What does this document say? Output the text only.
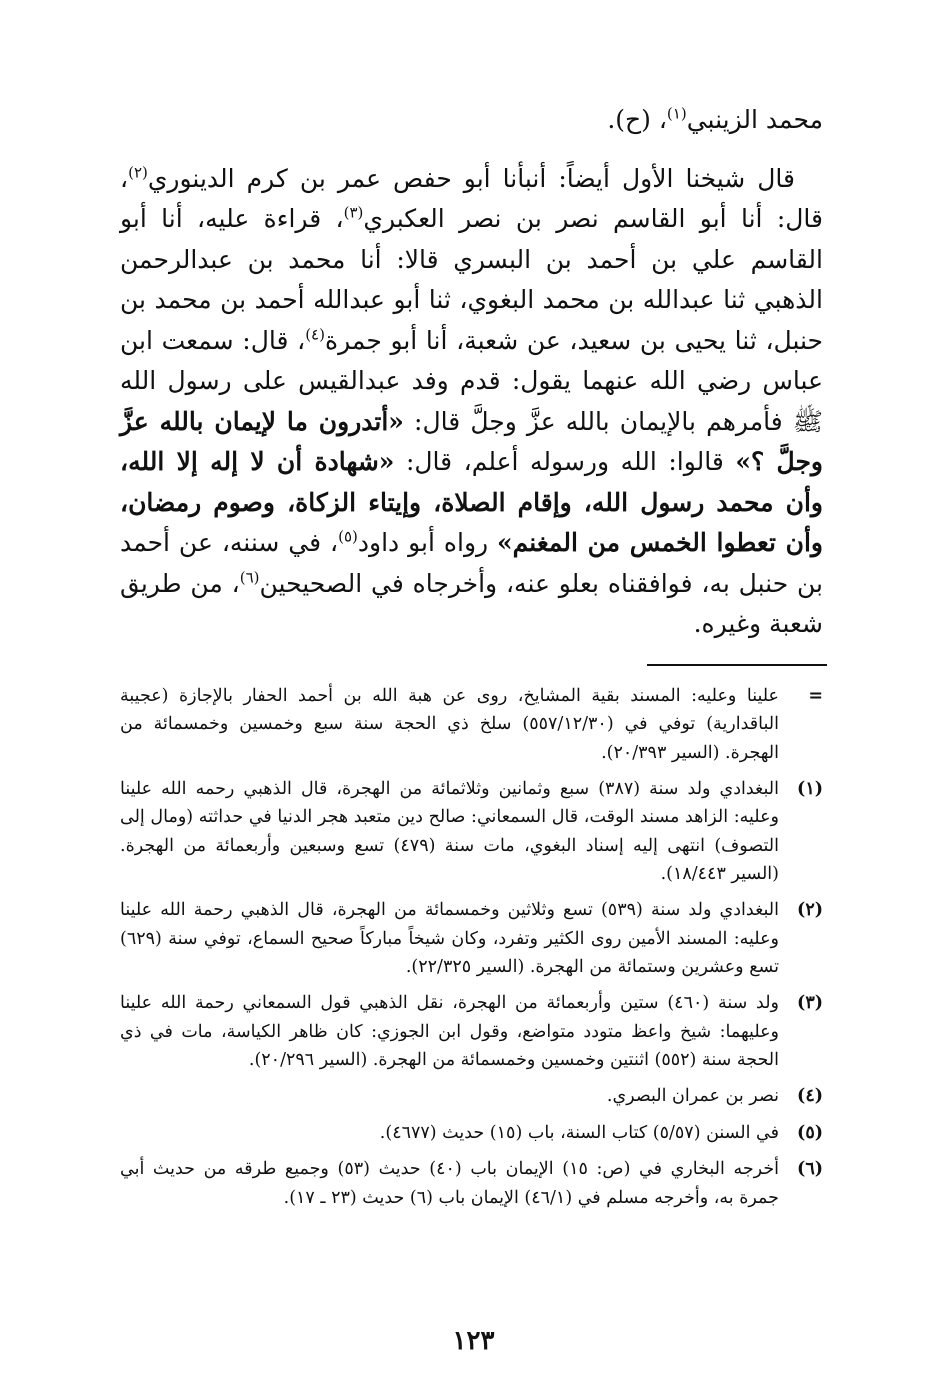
محمد الزينبي$^{(١)}$، (ح).

قال شيخنا الأول أيضاً: أنبأنا أبو حفص عمر بن كرم الدينوري$^{(٢)}$، قال: أنا أبو القاسم نصر بن نصر العكبري$^{(٣)}$، قراءة عليه، أنا أبو القاسم علي بن أحمد بن البسري قالا: أنا محمد بن عبدالرحمن الذهبي ثنا عبدالله بن محمد البغوي، ثنا أبو عبدالله أحمد بن محمد بن حنبل، ثنا يحيى بن سعيد، عن شعبة، أنا أبو جمرة$^{(٤)}$، قال: سمعت ابن عباس رضي الله عنهما يقول: قدم وفد عبدالقيس على رسول الله ﷺ فأمرهم بالإيمان بالله عزَّ وجلَّ قال: «أتدرون ما لإيمان بالله عزَّ وجلَّ ؟» قالوا: الله ورسوله أعلم، قال: «شهادة أن لا إله إلا الله، وأن محمد رسول الله، وإقام الصلاة، وإيتاء الزكاة، وصوم رمضان، وأن تعطوا الخمس من المغنم» رواه أبو داود$^{(٥)}$، في سننه، عن أحمد بن حنبل به، فوافقناه بعلو عنه، وأخرجاه في الصحيحين$^{(٦)}$، من طريق شعبة وغيره.

=
علينا وعليه: المسند بقية المشايخ، روى عن هبة الله بن أحمد الحفار بالإجازة (عجيبة الباقدارية) توفي في (٥٥٧/١٢/٣٠) سلخ ذي الحجة سنة سبع وخمسين وخمسمائة من الهجرة. (السير ٢٠/٣٩٣).
(١)
البغدادي ولد سنة (٣٨٧) سبع وثمانين وثلاثمائة من الهجرة، قال الذهبي رحمه الله علينا وعليه: الزاهد مسند الوقت، قال السمعاني: صالح دين متعبد هجر الدنيا في حداثته (ومال إلى التصوف) انتهى إليه إسناد البغوي، مات سنة (٤٧٩) تسع وسبعين وأربعمائة من الهجرة. (السير ١٨/٤٤٣).
(٢)
البغدادي ولد سنة (٥٣٩) تسع وثلاثين وخمسمائة من الهجرة، قال الذهبي رحمة الله علينا وعليه: المسند الأمين روى الكثير وتفرد، وكان شيخاً مباركاً صحيح السماع، توفي سنة (٦٢٩) تسع وعشرين وستمائة من الهجرة. (السير ٢٢/٣٢٥).
(٣)
ولد سنة (٤٦٠) ستين وأربعمائة من الهجرة، نقل الذهبي قول السمعاني رحمة الله علينا وعليهما: شيخ واعظ متودد متواضع، وقول ابن الجوزي: كان ظاهر الكياسة، مات في ذي الحجة سنة (٥٥٢) اثنتين وخمسين وخمسمائة من الهجرة. (السير ٢٠/٢٩٦).
(٤)
نصر بن عمران البصري.
(٥)
في السنن (٥/٥٧) كتاب السنة، باب (١٥) حديث (٤٦٧٧).
(٦)
أخرجه البخاري في (ص: ١٥) الإيمان باب (٤٠) حديث (٥٣) وجميع طرقه من حديث أبي جمرة به، وأخرجه مسلم في (٤٦/١) الإيمان باب (٦) حديث (٢٣ ـ ١٧).
١٢٣
